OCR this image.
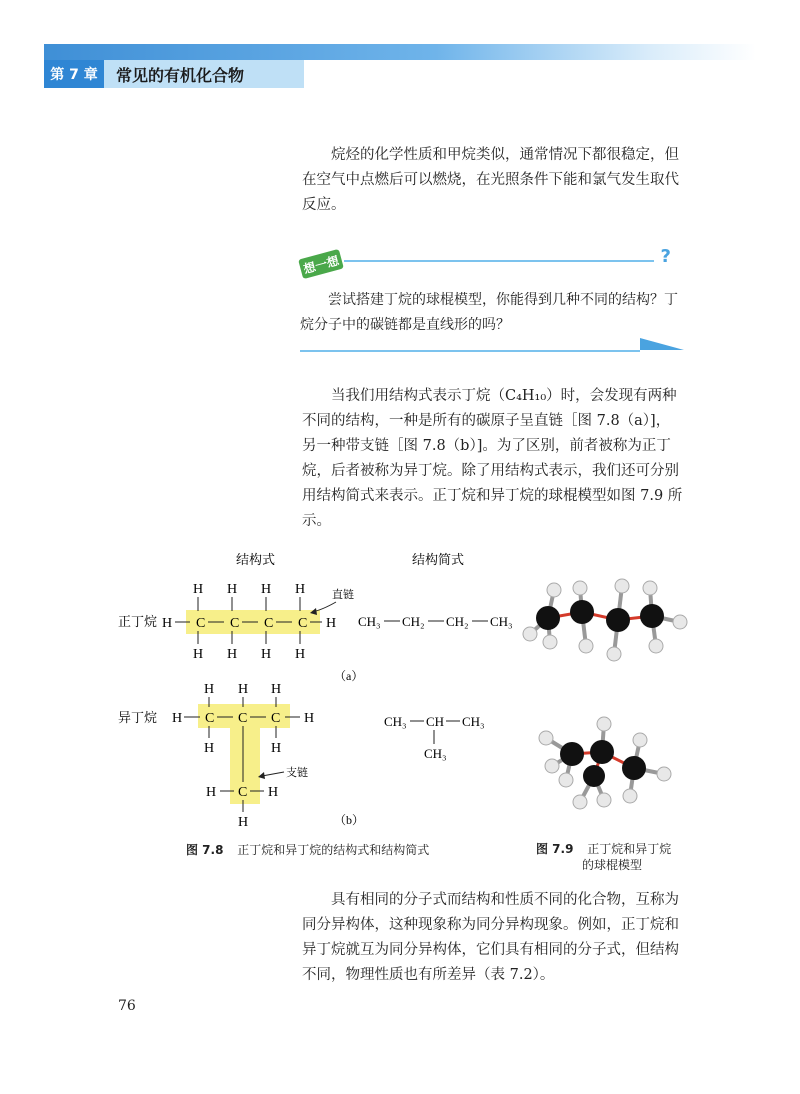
第 7 章	常见的有机化合物

烷烃的化学性质和甲烷类似，通常情况下都很稳定，但在空气中点燃后可以燃烧，在光照条件下能和氯气发生取代反应。

想一想	?

尝试搭建丁烷的球棍模型，你能得到几种不同的结构？丁烷分子中的碳链都是直线形的吗？

当我们用结构式表示丁烷（C₄H₁₀）时，会发现有两种不同的结构，一种是所有的碳原子呈直链［图 7.8（a）]，另一种带支链［图 7.8（b）]。为了区别，前者被称为正丁烷，后者被称为异丁烷。除了用结构式表示，我们还可分别用结构简式来表示。正丁烷和异丁烷的球棍模型如图 7.9 所示。

结构式	结构简式
正丁烷 H C C C C H
H H H H
H H H H
直链
CH₃ CH₂ CH₂ CH₃
（a）
异丁烷 H C C C H
H H H
H	H
H C H
H
支链
CH₃ CH CH₃
CH₃
（b）
图 7.8 正丁烷和异丁烷的结构式和结构简式	图 7.9 正丁烷和异丁烷
的球棍模型

具有相同的分子式而结构和性质不同的化合物，互称为同分异构体，这种现象称为同分异构现象。例如，正丁烷和异丁烷就互为同分异构体，它们具有相同的分子式，但结构不同，物理性质也有所差异（表 7.2）。

76
